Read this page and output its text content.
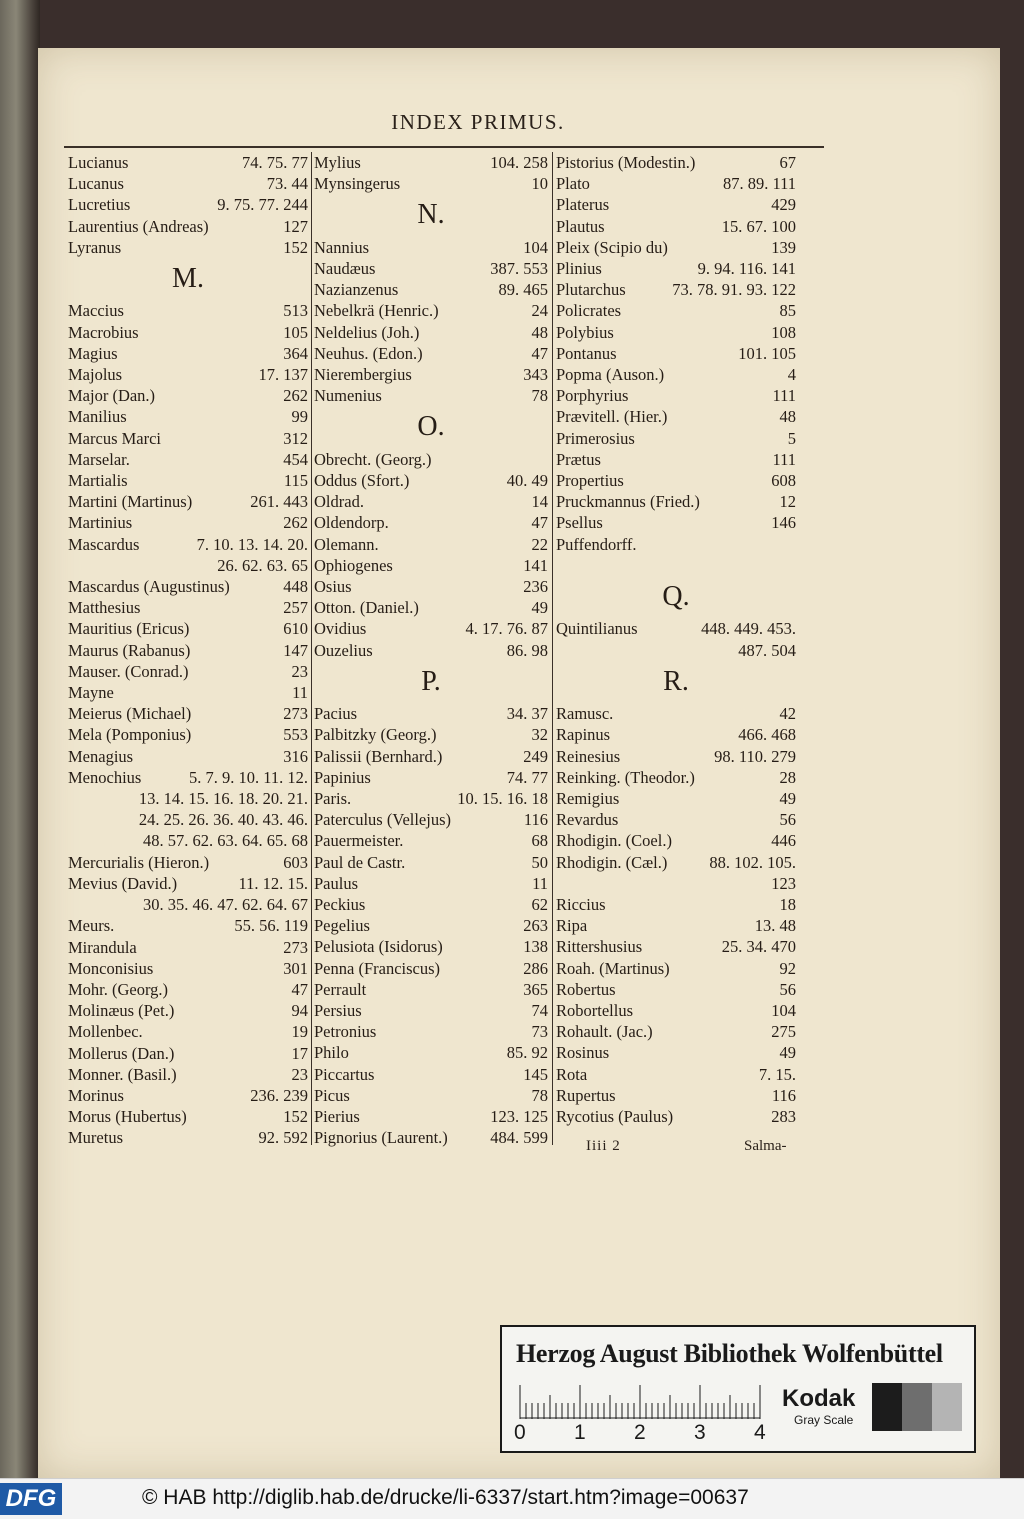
INDEX PRIMUS.
Lucianus	74. 75. 77
Lucanus	73. 44
Lucretius	9. 75. 77. 244
Laurentius (Andreas)	127
Lyranus	152
M.
Maccius	513
Macrobius	105
Magius	364
Majolus	17. 137
Major (Dan.)	262
Manilius	99
Marcus Marci	312
Marselar.	454
Martialis	115
Martini (Martinus)	261. 443
Martinius	262
Mascardus	7. 10. 13. 14. 20.
26. 62. 63. 65
Mascardus (Augustinus)	448
Matthesius	257
Mauritius (Ericus)	610
Maurus (Rabanus)	147
Mauser. (Conrad.)	23
Mayne	11
Meierus (Michael)	273
Mela (Pomponius)	553
Menagius	316
Menochius	5. 7. 9. 10. 11. 12.
13. 14. 15. 16. 18. 20. 21.
24. 25. 26. 36. 40. 43. 46.
48. 57. 62. 63. 64. 65. 68
Mercurialis (Hieron.)	603
Mevius (David.)	11. 12. 15.
30. 35. 46. 47. 62. 64. 67
Meurs.	55. 56. 119
Mirandula	273
Monconisius	301
Mohr. (Georg.)	47
Molinæus (Pet.)	94
Mollenbec.	19
Mollerus (Dan.)	17
Monner. (Basil.)	23
Morinus	236. 239
Morus (Hubertus)	152
Muretus	92. 592
Mylius	104. 258
Mynsingerus	10
N.
Nannius	104
Naudæus	387. 553
Nazianzenus	89. 465
Nebelkrä (Henric.)	24
Neldelius (Joh.)	48
Neuhus. (Edon.)	47
Nierembergius	343
Numenius	78
O.
Obrecht. (Georg.)
Oddus (Sfort.)	40. 49
Oldrad.	14
Oldendorp.	47
Olemann.	22
Ophiogenes	141
Osius	236
Otton. (Daniel.)	49
Ovidius	4. 17. 76. 87
Ouzelius	86. 98
P.
Pacius	34. 37
Palbitzky (Georg.)	32
Palissii (Bernhard.)	249
Papinius	74. 77
Paris.	10. 15. 16. 18
Paterculus (Vellejus)	116
Pauermeister.	68
Paul de Castr.	50
Paulus	11
Peckius	62
Pegelius	263
Pelusiota (Isidorus)	138
Penna (Franciscus)	286
Perrault	365
Persius	74
Petronius	73
Philo	85. 92
Piccartus	145
Picus	78
Pierius	123. 125
Pignorius (Laurent.)	484. 599
Pistorius (Modestin.)	67
Plato	87. 89. 111
Platerus	429
Plautus	15. 67. 100
Pleix (Scipio du)	139
Plinius	9. 94. 116. 141
Plutarchus	73. 78. 91. 93. 122
Policrates	85
Polybius	108
Pontanus	101. 105
Popma (Auson.)	4
Porphyrius	111
Prævitell. (Hier.)	48
Primerosius	5
Prætus	111
Propertius	608
Pruckmannus (Fried.)	12
Psellus	146
Puffendorff.
Q.
Quintilianus	448. 449. 453.
487. 504
R.
Ramusc.	42
Rapinus	466. 468
Reinesius	98. 110. 279
Reinking. (Theodor.)	28
Remigius	49
Revardus	56
Rhodigin. (Coel.)	446
Rhodigin. (Cæl.)	88. 102. 105.
123
Riccius	18
Ripa	13. 48
Rittershusius	25. 34. 470
Roah. (Martinus)	92
Robertus	56
Robortellus	104
Rohault. (Jac.)	275
Rosinus	49
Rota	7. 15.
Rupertus	116
Rycotius (Paulus)	283
Iiii 2	Salma-
Herzog August Bibliothek Wolfenbüttel
0 1 2 3 4
Kodak
Gray Scale
DFG	© HAB http://diglib.hab.de/drucke/li-6337/start.htm?image=00637
